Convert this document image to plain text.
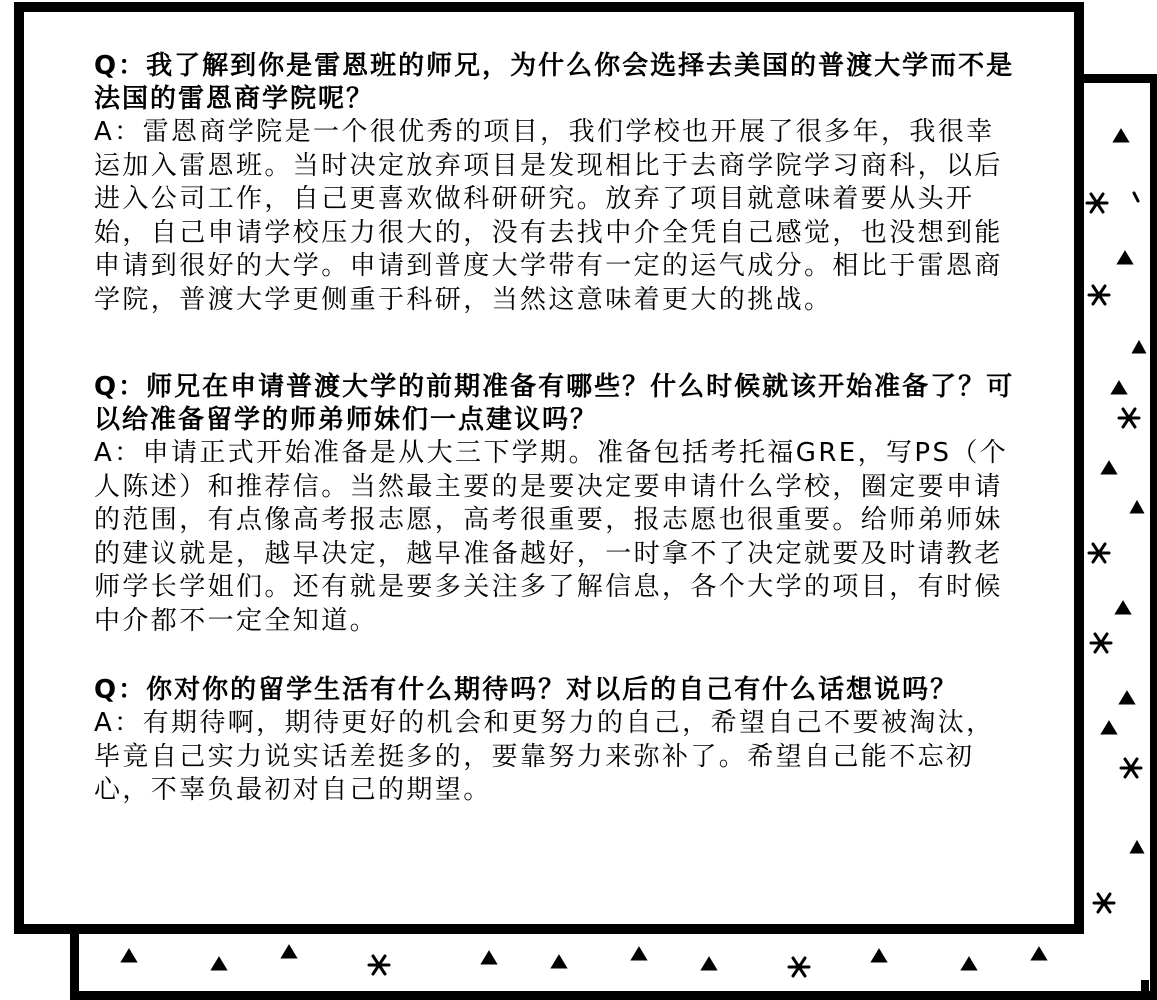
Q：我了解到你是雷恩班的师兄，为什么你会选择去美国的普渡大学而不是法国的雷恩商学院呢？
A：雷恩商学院是一个很优秀的项目，我们学校也开展了很多年，我很幸运加入雷恩班。当时决定放弃项目是发现相比于去商学院学习商科，以后进入公司工作，自己更喜欢做科研研究。放弃了项目就意味着要从头开始，自己申请学校压力很大的，没有去找中介全凭自己感觉，也没想到能申请到很好的大学。申请到普度大学带有一定的运气成分。相比于雷恩商学院，普渡大学更侧重于科研，当然这意味着更大的挑战。
Q：师兄在申请普渡大学的前期准备有哪些？什么时候就该开始准备了？可以给准备留学的师弟师妹们一点建议吗？
A：申请正式开始准备是从大三下学期。准备包括考托福GRE，写PS（个人陈述）和推荐信。当然最主要的是要决定要申请什么学校，圈定要申请的范围，有点像高考报志愿，高考很重要，报志愿也很重要。给师弟师妹的建议就是，越早决定，越早准备越好，一时拿不了决定就要及时请教老师学长学姐们。还有就是要多关注多了解信息，各个大学的项目，有时候中介都不一定全知道。
Q：你对你的留学生活有什么期待吗？对以后的自己有什么话想说吗？
A：有期待啊，期待更好的机会和更努力的自己，希望自己不要被淘汰，毕竟自己实力说实话差挺多的，要靠努力来弥补了。希望自己能不忘初心，不辜负最初对自己的期望。
